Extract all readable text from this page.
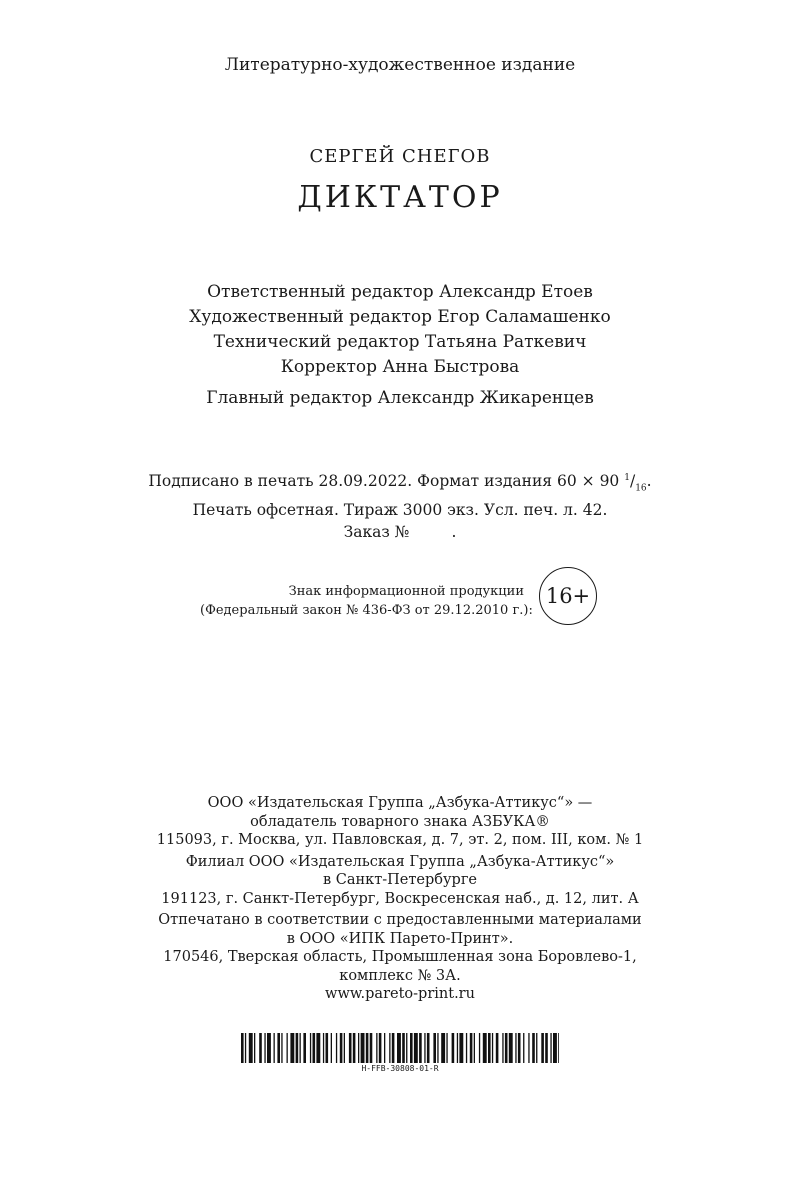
Литературно-художественное издание
СЕРГЕЙ СНЕГОВ
ДИКТАТОР
Ответственный редактор Александр Етоев
Художественный редактор Егор Саламашенко
Технический редактор Татьяна Раткевич
Корректор Анна Быстрова
Главный редактор Александр Жикаренцев
Подписано в печать 28.09.2022. Формат издания 60 × 90 $^1/_{16}$.
Печать офсетная. Тираж 3000 экз. Усл. печ. л. 42.
Заказ №	.
Знак информационной продукции
(Федеральный закон № 436-ФЗ от 29.12.2010 г.):
16+
ООО «Издательская Группа „Азбука-Аттикус“» —
обладатель товарного знака АЗБУКА®
115093, г. Москва, ул. Павловская, д. 7, эт. 2, пом. III, ком. № 1
Филиал ООО «Издательская Группа „Азбука-Аттикус“»
в Санкт-Петербурге
191123, г. Санкт-Петербург, Воскресенская наб., д. 12, лит. А
Отпечатано в соответствии с предоставленными материалами
в ООО «ИПК Парето-Принт».
170546, Тверская область, Промышленная зона Боровлево-1,
комплекс № 3А.
www.pareto-print.ru
H-FFB-30808-01-R
